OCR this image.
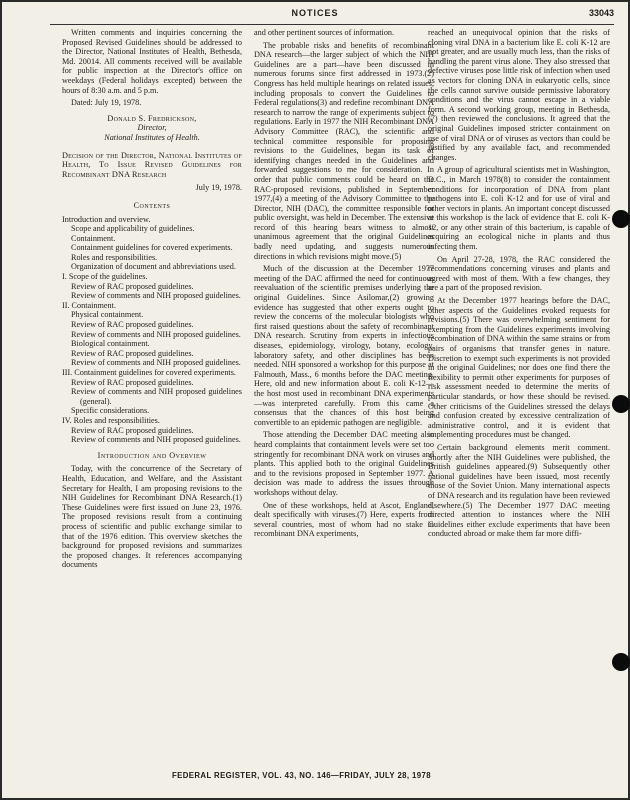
NOTICES	33043

Written comments and inquiries concerning the Proposed Revised Guidelines should be addressed to the Director, National Institutes of Health, Bethesda, Md. 20014. All comments received will be available for public inspection at the Director's office on weekdays (Federal holidays excepted) between the hours of 8:30 a.m. and 5 p.m.

Dated: July 19, 1978.
Donald S. Fredrickson,
Director,
National Institutes of Health.
Decision of the Director, National Institutes of Health, To Issue Revised Guidelines for Recombinant DNA Research
July 19, 1978.
Contents
Introduction and overview.
Scope and applicability of guidelines.
Containment.
Containment guidelines for covered experiments.
Roles and responsibilities.
Organization of document and abbreviations used.
I. Scope of the guidelines.
Review of RAC proposed guidelines.
Review of comments and NIH proposed guidelines.
II. Containment.
Physical containment.
Review of RAC proposed guidelines.
Review of comments and NIH proposed guidelines.
Biological containment.
Review of RAC proposed guidelines.
Review of comments and NIH proposed guidelines.
III. Containment guidelines for covered experiments.
Review of RAC proposed guidelines.
Review of comments and NIH proposed guidelines (general).
Specific considerations.
IV. Roles and responsibilities.
Review of RAC proposed guidelines.
Review of comments and NIH proposed guidelines.
Introduction and Overview

Today, with the concurrence of the Secretary of Health, Education, and Welfare, and the Assistant Secretary for Health, I am proposing revisions to the NIH Guidelines for Recombinant DNA Research.(1) These Guidelines were first issued on June 23, 1976. The proposed revisions result from a continuing process of scientific and public exchange similar to that of the 1976 edition. This overview sketches the background for proposed revisions and summarizes the proposed changes. It references accompanying documents

and other pertinent sources of information.

The probable risks and benefits of recombinant DNA research—the larger subject of which the NIH Guidelines are a part—have been discussed in numerous forums since first addressed in 1973.(2) Congress has held multiple hearings on related issues, including proposals to convert the Guidelines to Federal regulations(3) and redefine recombinant DNA research to narrow the range of experiments subject to regulations. Early in 1977 the NIH Recombinant DNA Advisory Committee (RAC), the scientific and technical committee responsible for proposing revisions to the Guidelines, began its task of identifying changes needed in the Guidelines and forwarded suggestions to me for consideration. In order that public comments could be heard on the RAC-proposed revisions, published in September 1977,(4) a meeting of the Advisory Committee to the Director, NIH (DAC), the committee responsible for public oversight, was held in December. The extensive record of this hearing bears witness to almost unanimous agreement that the original Guidelines badly need updating, and suggests numerous directions in which revisions might move.(5)

Much of the discussion at the December 1977 meeting of the DAC affirmed the need for continuous reevaluation of the scientific premises underlying the original Guidelines. Since Asilomar,(2) growing evidence has suggested that other experts ought to review the concerns of the molecular biologists who first raised questions about the safety of recombinant DNA research. Scrutiny from experts in infectious diseases, epidemiology, virology, botany, ecology, laboratory safety, and other disciplines has been needed. NIH sponsored a workshop for this purpose at Falmouth, Mass., 6 months before the DAC meeting. Here, old and new information about E. coli K-12—the host most used in recombinant DNA experiments—was interpreted carefully. From this came a consensus that the chances of this host being convertible to an epidemic pathogen are negligible.

Those attending the December DAC meeting also heard complaints that containment levels were set too stringently for recombinant DNA work on viruses and plants. This applied both to the original Guidelines and to the revisions proposed in September 1977. A decision was made to address the issues through workshops without delay.

One of these workshops, held at Ascot, England, dealt specifically with viruses.(7) Here, experts from several countries, most of whom had no stake in recombinant DNA experiments,

reached an unequivocal opinion that the risks of cloning viral DNA in a bacterium like E. coli K-12 are not greater, and are usually much less, than the risks of handling the parent virus alone. They also stressed that defective viruses pose little risk of infection when used as vectors for cloning DNA in eukaryotic cells, since the cells cannot survive outside permissive laboratory conditions and the virus cannot escape in a viable form. A second working group, meeting in Bethesda,(7) then reviewed the conclusions. It agreed that the original Guidelines imposed stricter containment on use of viral DNA or of viruses as vectors than could be justified by any available fact, and recommended changes.

A group of agricultural scientists met in Washington, D.C., in March 1978(8) to consider the containment conditions for incorporation of DNA from plant pathogens into E. coli K-12 and for use of viral and other vectors in plants. An important concept discussed at this workshop is the lack of evidence that E. coli K-12, or any other strain of this bacterium, is capable of acquiring an ecological niche in plants and thus infecting them.

On April 27-28, 1978, the RAC considered the recommendations concerning viruses and plants and agreed with most of them. With a few changes, they are a part of the proposed revision.

At the December 1977 hearings before the DAC, other aspects of the Guidelines evoked requests for revisions.(5) There was overwhelming sentiment for exempting from the Guidelines experiments involving recombination of DNA within the same strains or from pairs of organisms that transfer genes in nature. Discretion to exempt such experiments is not provided in the original Guidelines; nor does one find there the flexibility to permit other experiments for purposes of risk assessment needed to determine the merits of particular standards, or how these should be revised. Other criticisms of the Guidelines stressed the delays and confusion created by excessive centralization of administrative control, and it is evident that implementing procedures must be changed.

Certain background elements merit comment. Shortly after the NIH Guidelines were published, the British guidelines appeared.(9) Subsequently other national guidelines have been issued, most recently those of the Soviet Union. Many international aspects of DNA research and its regulation have been reviewed elsewhere.(5) The December 1977 DAC meeting directed attention to instances where the NIH Guidelines either exclude experiments that have been conducted abroad or make them far more diffi-

FEDERAL REGISTER, VOL. 43, NO. 146—FRIDAY, JULY 28, 1978
